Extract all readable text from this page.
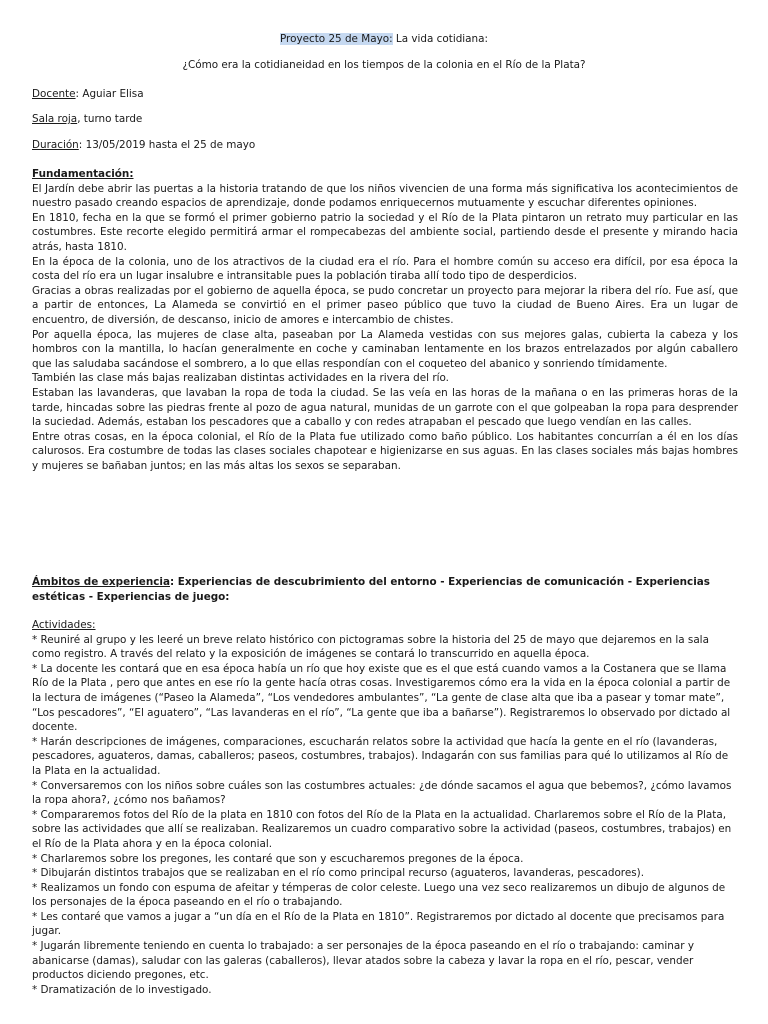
Proyecto 25 de Mayo: La vida cotidiana:
¿Cómo era la cotidianeidad en los tiempos de la colonia en el Río de la Plata?
Docente: Aguiar Elisa
Sala roja, turno tarde
Duración: 13/05/2019 hasta el 25 de mayo

Fundamentación:

El Jardín debe abrir las puertas a la historia tratando de que los niños vivencien de una forma más significativa los acontecimientos de nuestro pasado creando espacios de aprendizaje, donde podamos enriquecernos mutuamente y escuchar diferentes opiniones.

En 1810, fecha en la que se formó el primer gobierno patrio la sociedad y el Río de la Plata pintaron un retrato muy particular en las costumbres. Este recorte elegido permitirá armar el rompecabezas del ambiente social, partiendo desde el presente y mirando hacia atrás, hasta 1810.

En la época de la colonia, uno de los atractivos de la ciudad era el río. Para el hombre común su acceso era difícil, por esa época la costa del río era un lugar insalubre e intransitable pues la población tiraba allí todo tipo de desperdicios.

Gracias a obras realizadas por el gobierno de aquella época, se pudo concretar un proyecto para mejorar la ribera del río. Fue así, que a partir de entonces, La Alameda se convirtió en el primer paseo público que tuvo la ciudad de Bueno Aires. Era un lugar de encuentro, de diversión, de descanso, inicio de amores e intercambio de chistes.

Por aquella época, las mujeres de clase alta, paseaban por La Alameda vestidas con sus mejores galas, cubierta la cabeza y los hombros con la mantilla, lo hacían generalmente en coche y caminaban lentamente en los brazos entrelazados por algún caballero que las saludaba sacándose el sombrero, a lo que ellas respondían con el coqueteo del abanico y sonriendo tímidamente.

También las clase más bajas realizaban distintas actividades en la rivera del río.

Estaban las lavanderas, que lavaban la ropa de toda la ciudad. Se las veía en las horas de la mañana o en las primeras horas de la tarde, hincadas sobre las piedras frente al pozo de agua natural, munidas de un garrote con el que golpeaban la ropa para desprender la suciedad. Además, estaban los pescadores que a caballo y con redes atrapaban el pescado que luego vendían en las calles.

Entre otras cosas, en la época colonial, el Río de la Plata fue utilizado como baño público. Los habitantes concurrían a él en los días calurosos. Era costumbre de todas las clases sociales chapotear e higienizarse en sus aguas. En las clases sociales más bajas hombres y mujeres se bañaban juntos; en las más altas los sexos se separaban.

Ámbitos de experiencia: Experiencias de descubrimiento del entorno - Experiencias de comunicación - Experiencias estéticas - Experiencias de juego:

Actividades:

* Reuniré al grupo y les leeré un breve relato histórico con pictogramas sobre la historia del 25 de mayo que dejaremos en la sala como registro. A través del relato y la exposición de imágenes se contará lo transcurrido en aquella época.

* La docente les contará que en esa época había un río que hoy existe que es el que está cuando vamos a la Costanera que se llama Río de la Plata , pero que antes en ese río la gente hacía otras cosas. Investigaremos cómo era la vida en la época colonial a partir de la lectura de imágenes (“Paseo la Alameda”, “Los vendedores ambulantes”, “La gente de clase alta que iba a pasear y tomar mate”, “Los pescadores”, “El aguatero”, “Las lavanderas en el río”, “La gente que iba a bañarse”). Registraremos lo observado por dictado al docente.

* Harán descripciones de imágenes, comparaciones, escucharán relatos sobre la actividad que hacía la gente en el río (lavanderas, pescadores, aguateros, damas, caballeros; paseos, costumbres, trabajos). Indagarán con sus familias para qué lo utilizamos al Río de la Plata en la actualidad.

* Conversaremos con los niños sobre cuáles son las costumbres actuales: ¿de dónde sacamos el agua que bebemos?, ¿cómo lavamos la ropa ahora?, ¿cómo nos bañamos?

* Compararemos fotos del Río de la plata en 1810 con fotos del Río de la Plata en la actualidad. Charlaremos sobre el Río de la Plata, sobre las actividades que allí se realizaban. Realizaremos un cuadro comparativo sobre la actividad (paseos, costumbres, trabajos) en el Río de la Plata ahora y en la época colonial.

* Charlaremos sobre los pregones, les contaré que son y escucharemos pregones de la época.

* Dibujarán distintos trabajos que se realizaban en el río como principal recurso (aguateros, lavanderas, pescadores).

* Realizamos un fondo con espuma de afeitar y témperas de color celeste. Luego una vez seco realizaremos un dibujo de algunos de los personajes de la época paseando en el río o trabajando.

* Les contaré que vamos a jugar a “un día en el Río de la Plata en 1810”. Registraremos por dictado al docente que precisamos para jugar.

* Jugarán libremente teniendo en cuenta lo trabajado: a ser personajes de la época paseando en el río o trabajando: caminar y abanicarse (damas), saludar con las galeras (caballeros), llevar atados sobre la cabeza y lavar la ropa en el río, pescar, vender productos diciendo pregones, etc.

* Dramatización de lo investigado.
